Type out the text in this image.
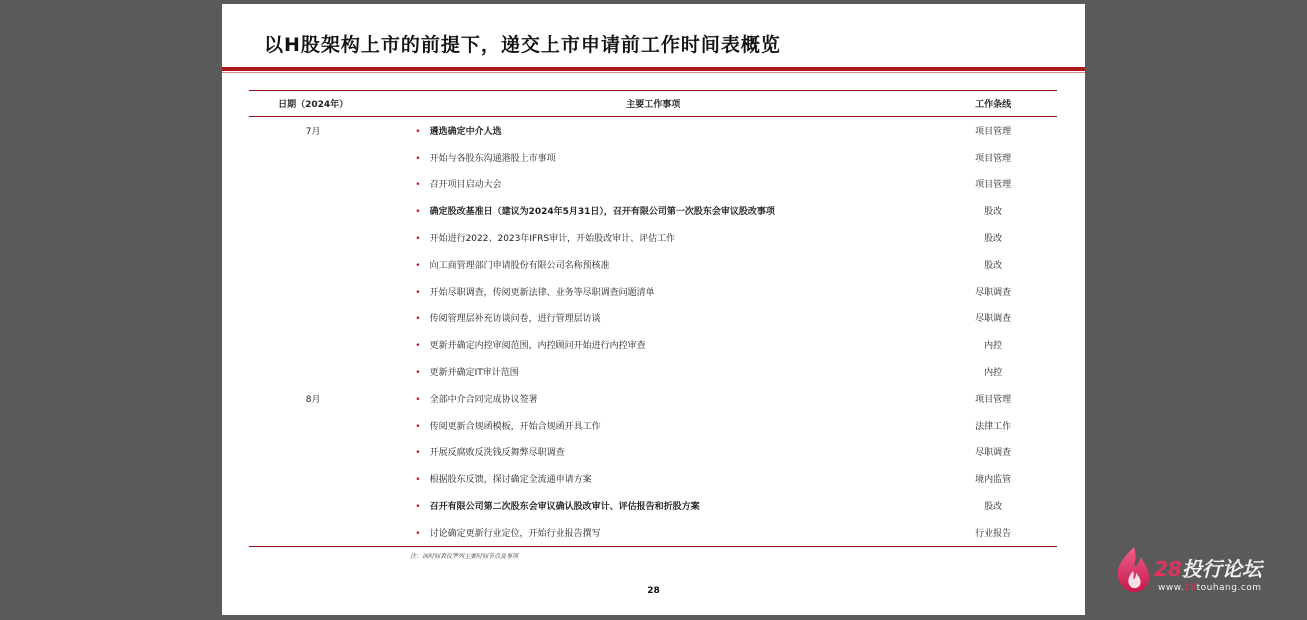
以H股架构上市的前提下，递交上市申请前工作时间表概览
日期（2024年）	主要工作事项	工作条线
7月	• 遴选确定中介人选	项目管理
	• 开始与各股东沟通港股上市事项	项目管理
	• 召开项目启动大会	项目管理
	• 确定股改基准日（建议为2024年5月31日），召开有限公司第一次股东会审议股改事项	股改
	• 开始进行2022、2023年IFRS审计，开始股改审计、评估工作	股改
	• 向工商管理部门申请股份有限公司名称预核准	股改
	• 开始尽职调查，传阅更新法律、业务等尽职调查问题清单	尽职调查
	• 传阅管理层补充访谈问卷，进行管理层访谈	尽职调查
	• 更新并确定内控审阅范围，内控顾问开始进行内控审查	内控
	• 更新并确定IT审计范围	内控
8月	• 全部中介合同完成协议签署	项目管理
	• 传阅更新合规函模板，开始合规函开具工作	法律工作
	• 开展反腐败反洗钱反舞弊尽职调查	尽职调查
	• 根据股东反馈，探讨确定全流通申请方案	境内监管
	• 召开有限公司第二次股东会审议确认股改审计、评估报告和折股方案	股改
	• 讨论确定更新行业定位，开始行业报告撰写	行业报告
注：该时间表仅罗列主要时间节点及事项
28
28投行论坛
www.28touhang.com
